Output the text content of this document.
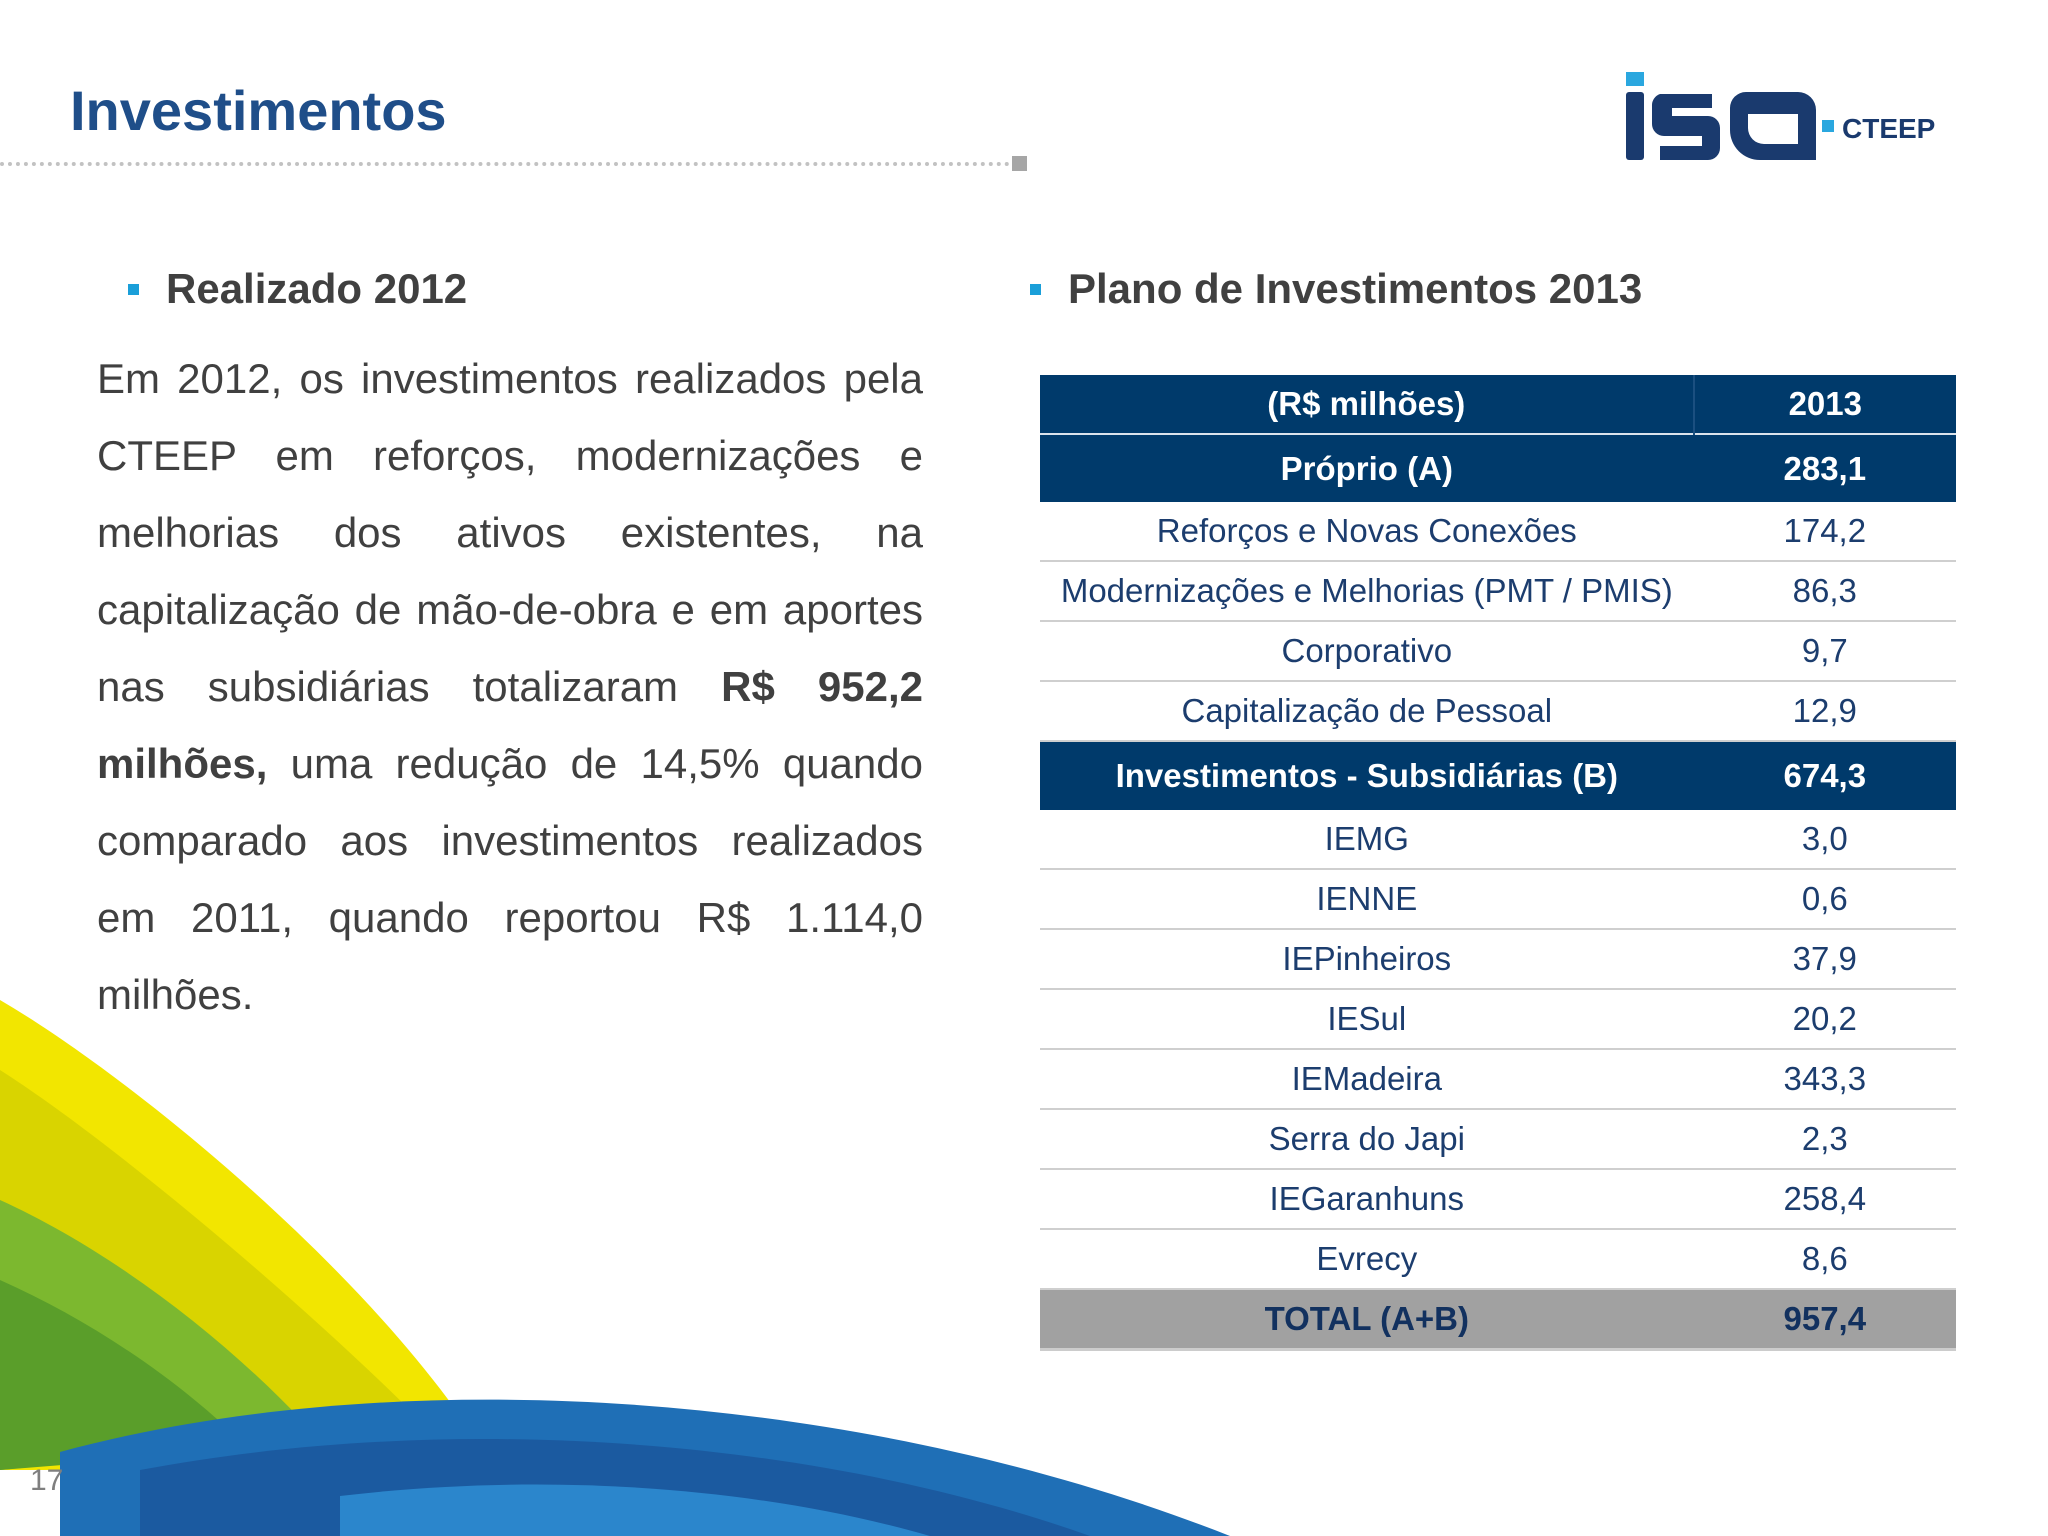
Investimentos	CTEEP
Realizado 2012
Em 2012, os investimentos realizados pela CTEEP em reforços, modernizações e melhorias dos ativos existentes, na capitalização de mão-de-obra e em aportes nas subsidiárias totalizaram R$ 952,2 milhões, uma redução de 14,5% quando comparado aos investimentos realizados em 2011, quando reportou R$ 1.114,0 milhões.
Plano de Investimentos 2013
(R$ milhões)	2013
Próprio (A)	283,1
Reforços e Novas Conexões	174,2
Modernizações e Melhorias (PMT / PMIS)	86,3
Corporativo	9,7
Capitalização de Pessoal	12,9
Investimentos - Subsidiárias (B)	674,3
IEMG	3,0
IENNE	0,6
IEPinheiros	37,9
IESul	20,2
IEMadeira	343,3
Serra do Japi	2,3
IEGaranhuns	258,4
Evrecy	8,6
TOTAL (A+B)	957,4
17
